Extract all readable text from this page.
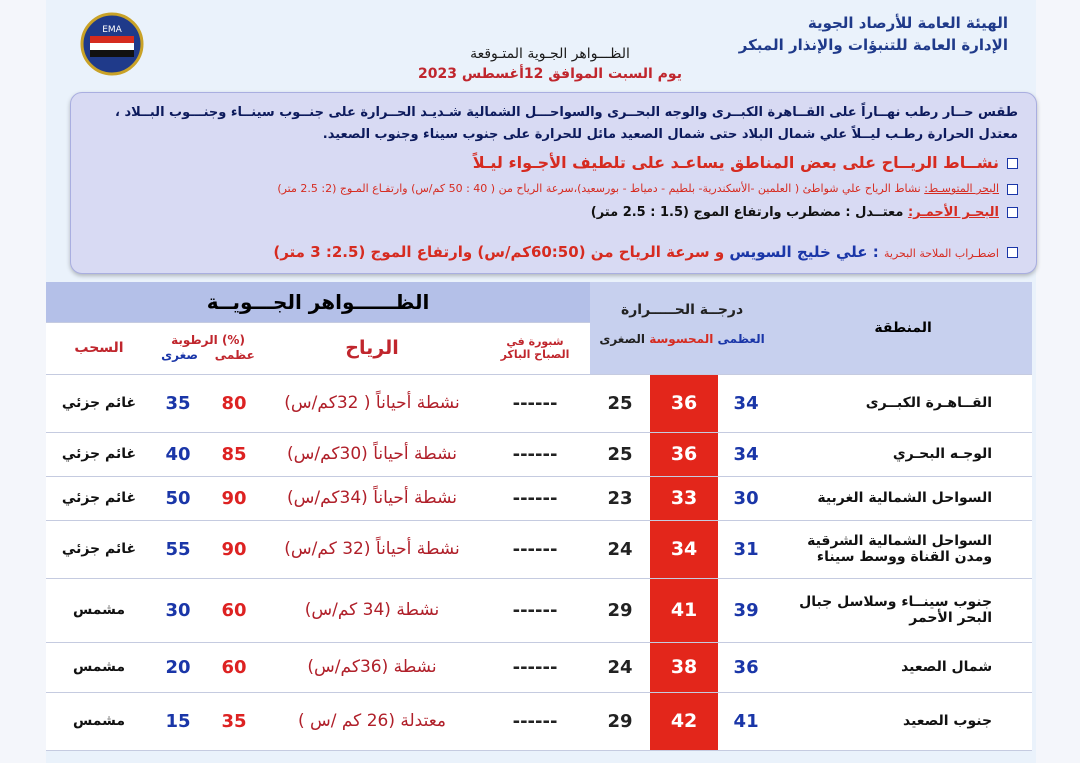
EMA	الهيئة العامة للأرصاد الجوية
الإدارة العامة للتنبؤات والإنذار المبكر
الظـــواهر الجـوية المتـوقعة
يوم السبت الموافق 12أغسطس 2023

طقس حــار رطب نهــاراً على القــاهرة الكبــرى والوجه البحــرى والسواحـــل الشمالية شـديـد الحــرارة على جنــوب سينــاء وجنـــوب البــلاد ،

معتدل الحرارة رطـب ليــلاً علي شمال البلاد حتى شمال الصعيد مائل للحرارة على جنوب سيناء وجنوب الصعيد.

نشــاط الريــاح على بعض المناطق يساعـد على تلطيف الأجـواء ليـلاً

البحر المتوسـط: نشاط الرياح علي شواطئ ( العلمين -الأسكندرية- بلطيم - دمياط - بورسعيد)،سرعة الرياح من ( 40 : 50 كم/س) وارتفـاع المـوج (2: 2.5 متر)

البحـر الأحمـر: معتــدل : مضطرب وارتفاع الموج (1.5 : 2.5 متر)

اضطـراب الملاحة البحرية : علي خليج السويس و سرعة الرياح من (60:50كم/س) وارتفاع الموج (2.5: 3 متر)

الظــــــواهر الجـــويــة					درجــة الحـــــرارة
العظمى المحسوسة الصغرى			المنطقة
السحب	الرطوبة (%)
عظمى    صغرى		الرياح	شبورة في الصباح الباكر				
غائم جزئي	35	80	نشطة أحياناً ( 32كم/س)	------	25	36	34	القــاهـرة الكبــرى
غائم جزئي	40	85	نشطة أحياناً (30كم/س)	------	25	36	34	الوجـه البحـري
غائم جزئي	50	90	نشطة أحياناً (34كم/س)	------	23	33	30	السواحل الشمالية الغربية
غائم جزئي	55	90	نشطة أحياناً (32 كم/س)	------	24	34	31	السواحل الشمالية الشرقية ومدن القناة ووسط سيناء
مشمس	30	60	نشطة (34 كم/س)	------	29	41	39	جنوب سينــاء وسلاسل جبال البحر الأحمر
مشمس	20	60	نشطة (36كم/س)	------	24	38	36	شمال الصعيد
مشمس	15	35	معتدلة (26 كم /س )	------	29	42	41	جنوب الصعيد
